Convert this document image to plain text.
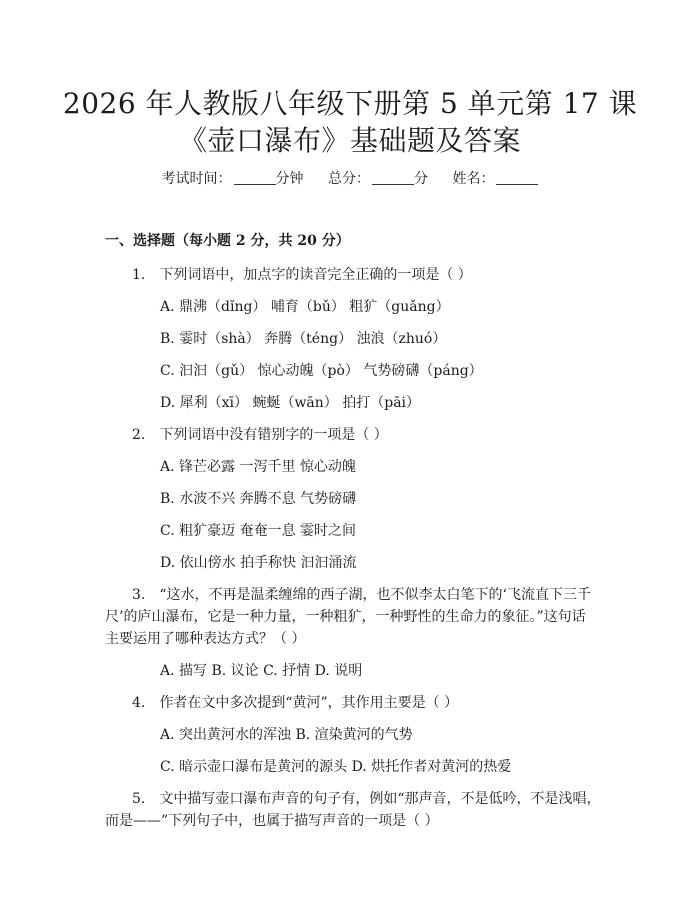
2026 年人教版八年级下册第 5 单元第 17 课
《壶口瀑布》基础题及答案
考试时间：	分钟 总分：	分 姓名：
一、选择题（每小题 2 分，共 20 分）
1.　下列词语中，加点字的读音完全正确的一项是（ ）
A. 鼎沸（dǐng） 哺育（bǔ） 粗犷（guǎng）
B. 霎时（shà） 奔腾（téng） 浊浪（zhuó）
C. 汩汩（gǔ） 惊心动魄（pò） 气势磅礴（páng）
D. 犀利（xī） 蜿蜒（wān） 拍打（pāi）
2.　下列词语中没有错别字的一项是（ ）
A. 锋芒必露 一泻千里 惊心动魄
B. 水波不兴 奔腾不息 气势磅礴
C. 粗犷豪迈 奄奄一息 霎时之间
D. 依山傍水 拍手称快 汩汩涌流
3.　“这水，不再是温柔缠绵的西子湖，也不似李太白笔下的‘飞流直下三千
尺’的庐山瀑布，它是一种力量，一种粗犷，一种野性的生命力的象征。”这句话
主要运用了哪种表达方式？（ ）
A. 描写 B. 议论 C. 抒情 D. 说明
4.　作者在文中多次提到“黄河”，其作用主要是（ ）
A. 突出黄河水的浑浊 B. 渲染黄河的气势
C. 暗示壶口瀑布是黄河的源头 D. 烘托作者对黄河的热爱
5.　文中描写壶口瀑布声音的句子有，例如“那声音，不是低吟，不是浅唱，
而是——”下列句子中，也属于描写声音的一项是（ ）
